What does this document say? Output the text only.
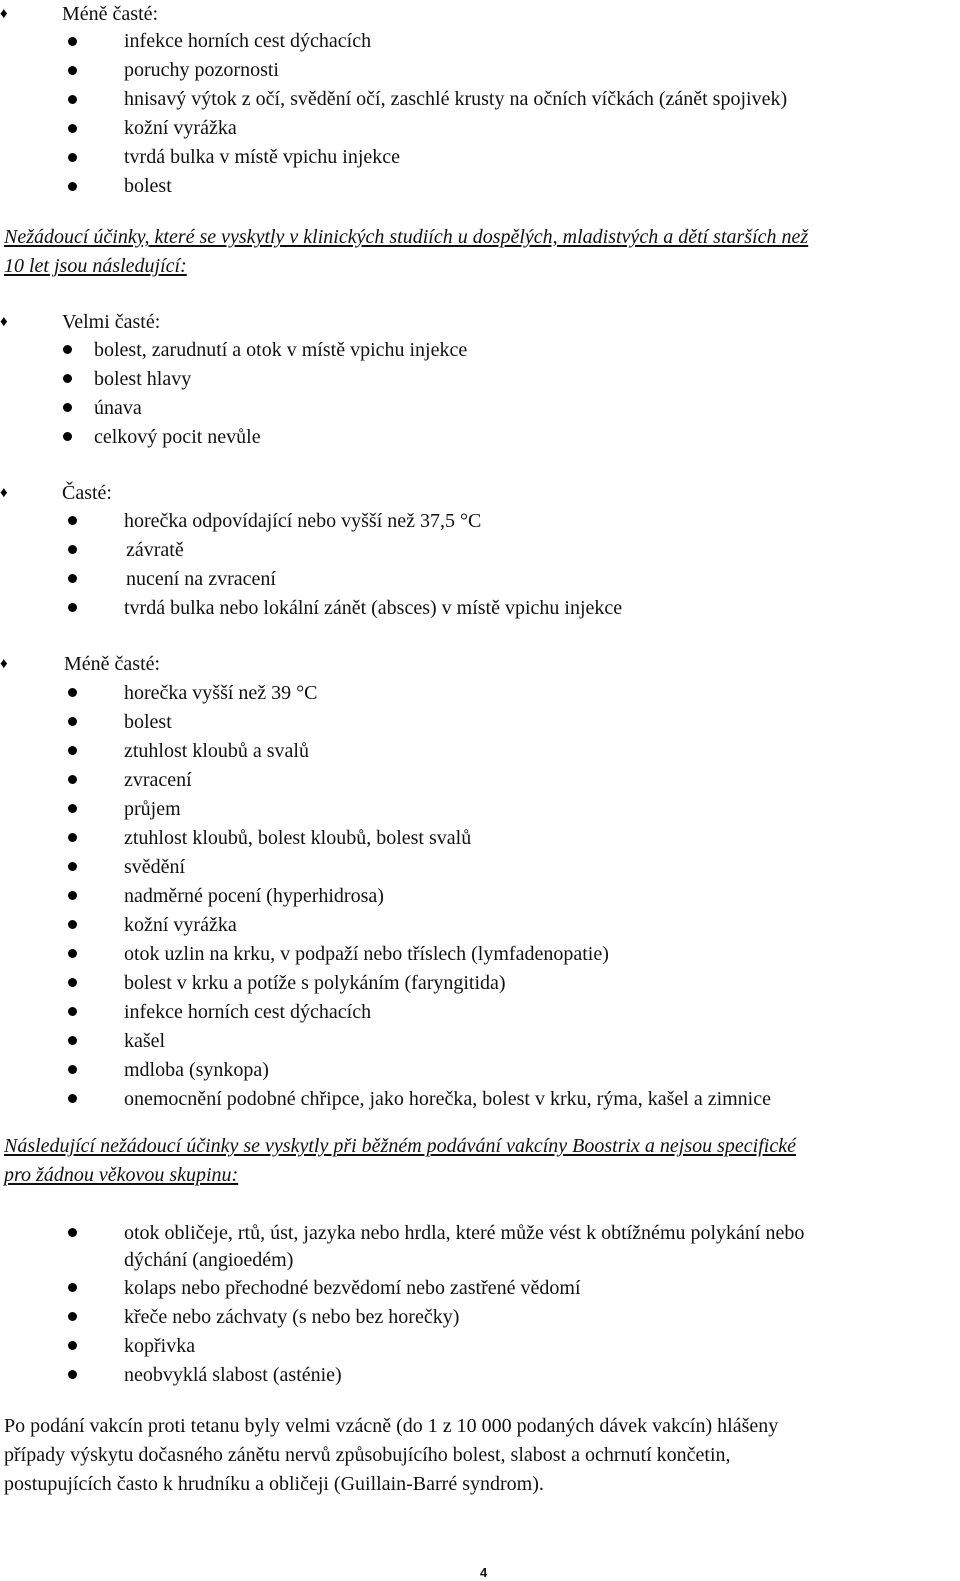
♦	Méně časté:
infekce horních cest dýchacích
poruchy pozornosti
hnisavý výtok z očí, svědění očí, zaschlé krusty na očních víčkách (zánět spojivek)
kožní vyrážka
tvrdá bulka v místě vpichu injekce
bolest
Nežádoucí účinky, které se vyskytly v klinických studiích u dospělých, mladistvých a dětí starších než
10 let jsou následující:
♦	Velmi časté:
bolest, zarudnutí a otok v místě vpichu injekce
bolest hlavy
únava
celkový pocit nevůle
♦	Časté:
horečka odpovídající nebo vyšší než 37,5 °C
závratě
nucení na zvracení
tvrdá bulka nebo lokální zánět (absces) v místě vpichu injekce
♦	Méně časté:
horečka vyšší než 39 °C
bolest
ztuhlost kloubů a svalů
zvracení
průjem
ztuhlost kloubů, bolest kloubů, bolest svalů
svědění
nadměrné pocení (hyperhidrosa)
kožní vyrážka
otok uzlin na krku, v podpaží nebo tříslech (lymfadenopatie)
bolest v krku a potíže s polykáním (faryngitida)
infekce horních cest dýchacích
kašel
mdloba (synkopa)
onemocnění podobné chřipce, jako horečka, bolest v krku, rýma, kašel a zimnice
Následující nežádoucí účinky se vyskytly při běžném podávání vakcíny Boostrix a nejsou specifické
pro žádnou věkovou skupinu:
otok obličeje, rtů, úst, jazyka nebo hrdla, které může vést k obtížnému polykání nebo
dýchání (angioedém)
kolaps nebo přechodné bezvědomí nebo zastřené vědomí
křeče nebo záchvaty (s nebo bez horečky)
kopřivka
neobvyklá slabost (asténie)
Po podání vakcín proti tetanu byly velmi vzácně (do 1 z 10 000 podaných dávek vakcín) hlášeny
případy výskytu dočasného zánětu nervů způsobujícího bolest, slabost a ochrnutí končetin,
postupujících často k hrudníku a obličeji (Guillain-Barré syndrom).
4
